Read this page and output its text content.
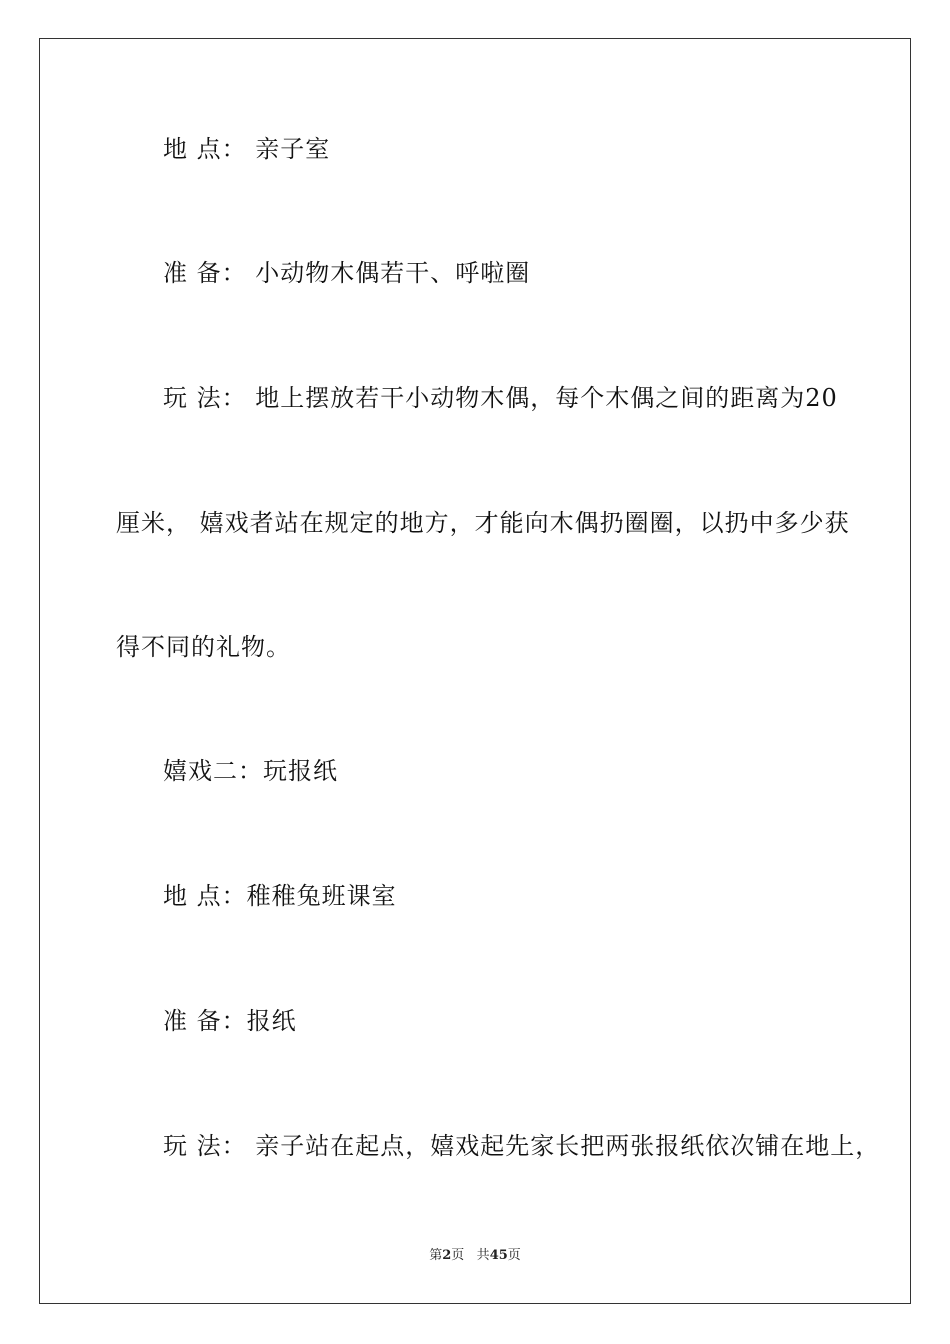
地 点： 亲子室
准 备： 小动物木偶若干、呼啦圈
玩 法： 地上摆放若干小动物木偶，每个木偶之间的距离为20
厘米， 嬉戏者站在规定的地方，才能向木偶扔圈圈，以扔中多少获
得不同的礼物。
嬉戏二：玩报纸
地 点：稚稚兔班课室
准 备：报纸
玩 法： 亲子站在起点，嬉戏起先家长把两张报纸依次铺在地上，
第2页 共45页
